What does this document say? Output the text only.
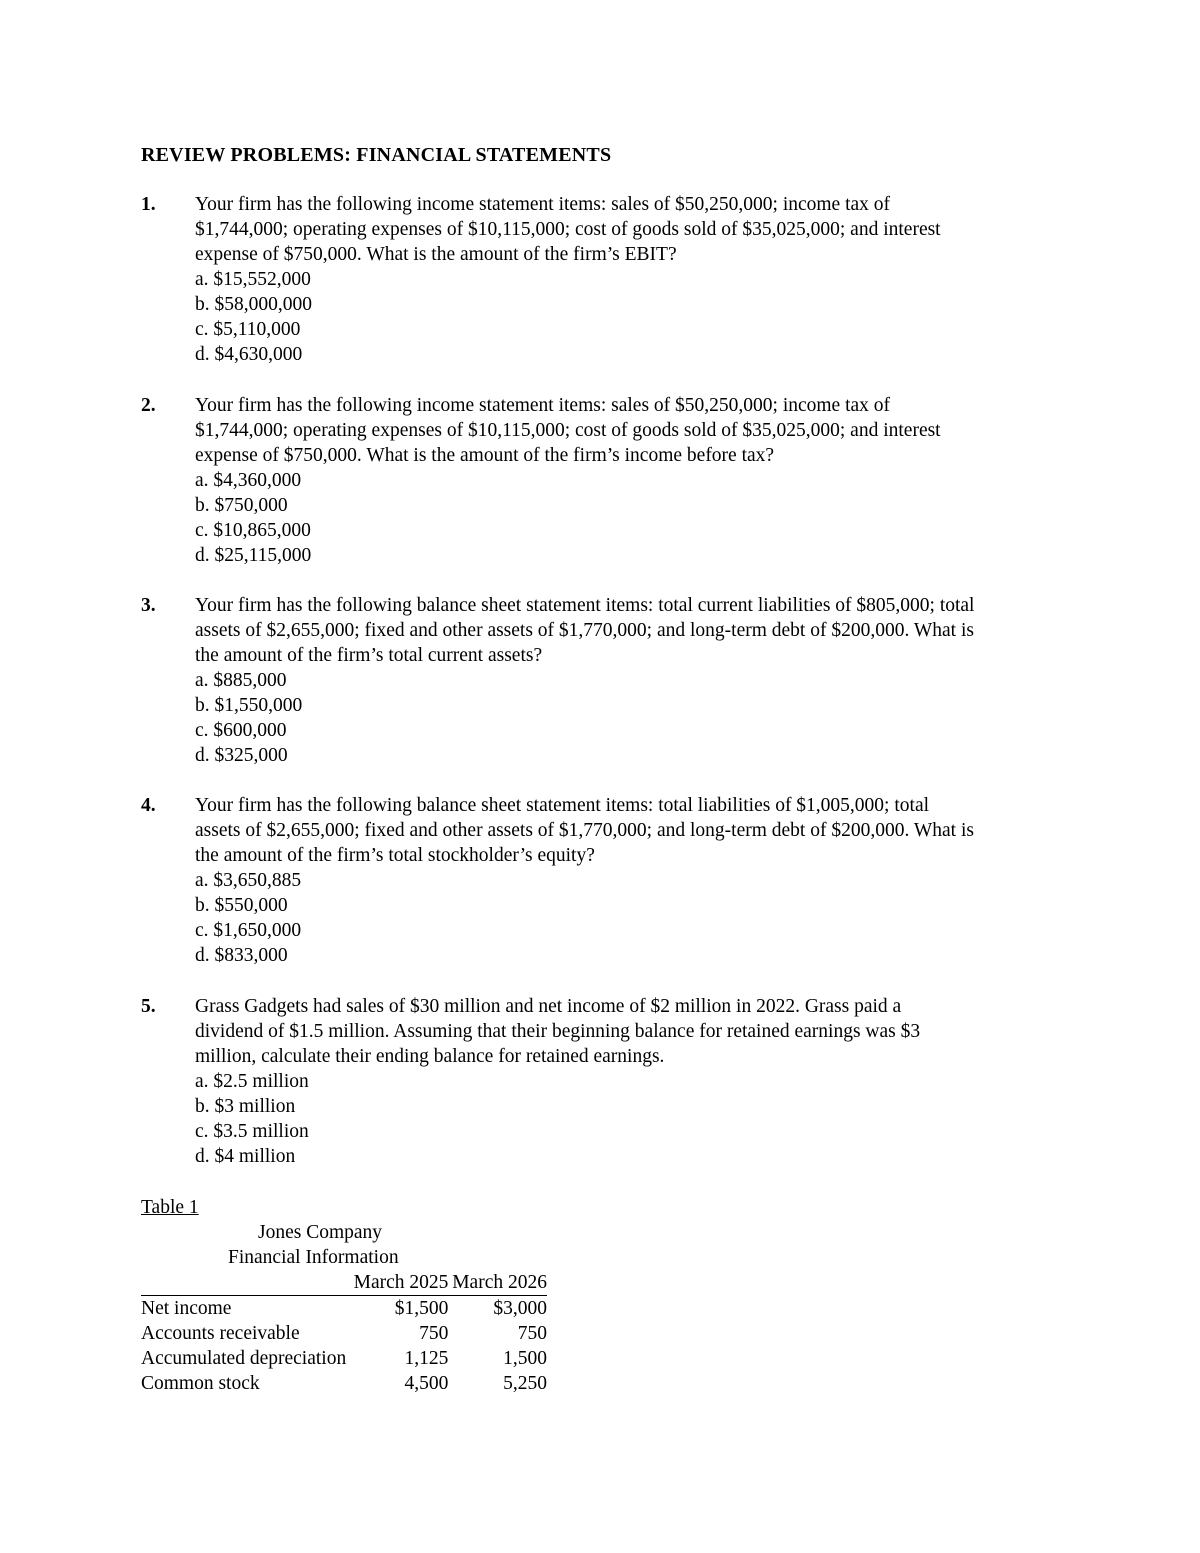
REVIEW PROBLEMS: FINANCIAL STATEMENTS
1. Your firm has the following income statement items: sales of $50,250,000; income tax of
$1,744,000; operating expenses of $10,115,000; cost of goods sold of $35,025,000; and interest
expense of $750,000. What is the amount of the firm’s EBIT?
a. $15,552,000
b. $58,000,000
c. $5,110,000
d. $4,630,000
2. Your firm has the following income statement items: sales of $50,250,000; income tax of
$1,744,000; operating expenses of $10,115,000; cost of goods sold of $35,025,000; and interest
expense of $750,000. What is the amount of the firm’s income before tax?
a. $4,360,000
b. $750,000
c. $10,865,000
d. $25,115,000
3. Your firm has the following balance sheet statement items: total current liabilities of $805,000; total
assets of $2,655,000; fixed and other assets of $1,770,000; and long-term debt of $200,000. What is
the amount of the firm’s total current assets?
a. $885,000
b. $1,550,000
c. $600,000
d. $325,000
4. Your firm has the following balance sheet statement items: total liabilities of $1,005,000; total
assets of $2,655,000; fixed and other assets of $1,770,000; and long-term debt of $200,000. What is
the amount of the firm’s total stockholder’s equity?
a. $3,650,885
b. $550,000
c. $1,650,000
d. $833,000
5. Grass Gadgets had sales of $30 million and net income of $2 million in 2022. Grass paid a
dividend of $1.5 million. Assuming that their beginning balance for retained earnings was $3
million, calculate their ending balance for retained earnings.
a. $2.5 million
b. $3 million
c. $3.5 million
d. $4 million
Table 1
Jones Company
Financial Information
	March 2025	March 2026
Net income	$1,500	$3,000
Accounts receivable	750	750
Accumulated depreciation	1,125	1,500
Common stock	4,500	5,250
